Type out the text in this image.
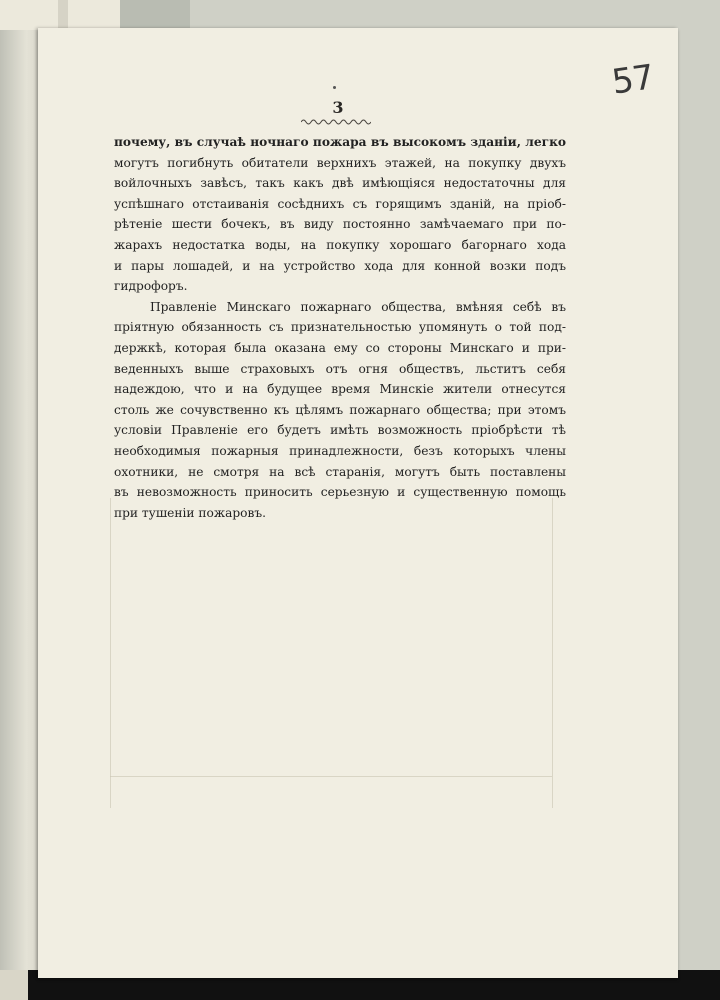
3
57
почему, въ случаѣ ночнаго пожара въ высокомъ зданiи, легко
могутъ погибнуть обитатели верхнихъ этажей, на покупку двухъ
войлочныхъ завѣсъ, такъ какъ двѣ имѣющiяся недостаточны для
успѣшнаго отстаиванiя сосѣднихъ съ горящимъ зданiй, на прiоб-
рѣтенiе шести бочекъ, въ виду постоянно замѣчаемаго при по-
жарахъ недостатка воды, на покупку хорошаго багорнаго хода
и пары лошадей, и на устройство хода для конной возки подъ
гидрофоръ.
Правленiе Минскаго пожарнаго общества, вмѣняя себѣ въ
прiятную обязанность съ признательностью упомянуть о той под-
держкѣ, которая была оказана ему со стороны Минскаго и при-
веденныхъ выше страховыхъ отъ огня обществъ, льститъ себя
надеждою, что и на будущее время Минскiе жители отнесутся
столь же сочувственно къ цѣлямъ пожарнаго общества; при этомъ
условiи Правленiе его будетъ имѣть возможность прiобрѣсти тѣ
необходимыя пожарныя принадлежности, безъ которыхъ члены
охотники, не смотря на всѣ старанiя, могутъ быть поставлены
въ невозможность приносить серьезную и существенную помощь
при тушенiи пожаровъ.
